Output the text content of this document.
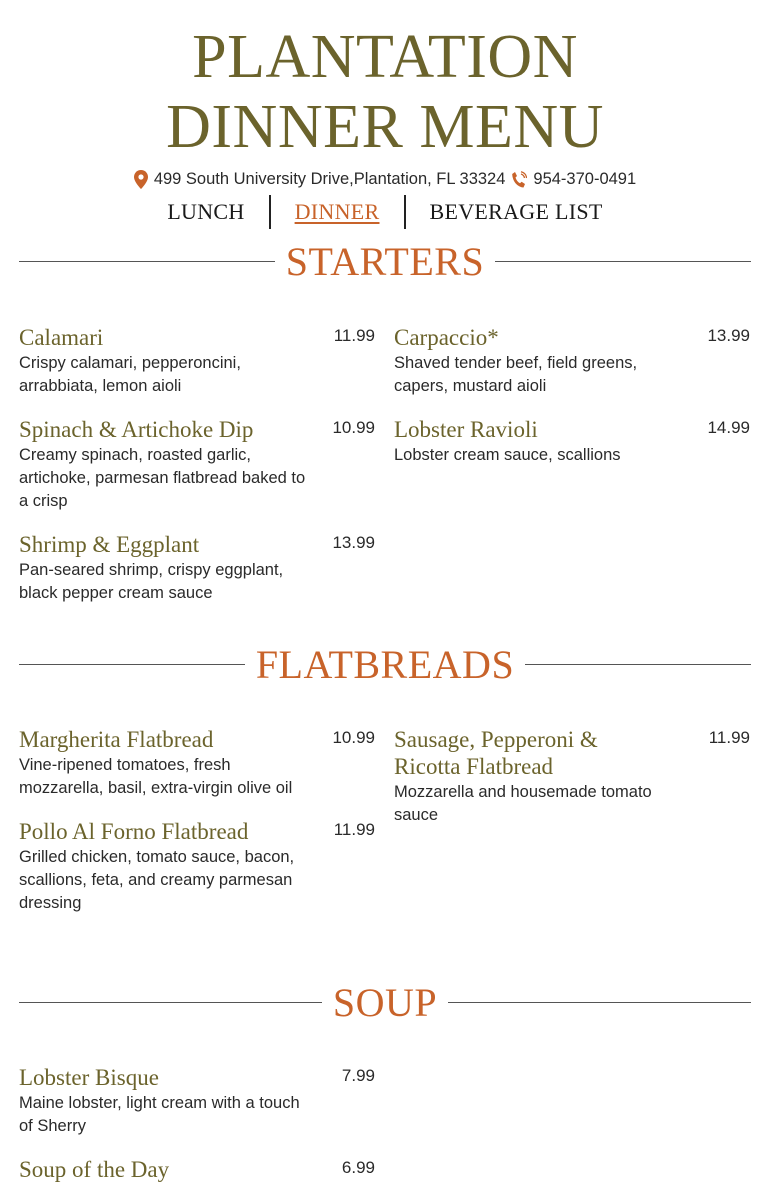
PLANTATION
DINNER MENU
499 South University Drive,Plantation, FL 33324 954-370-0491
LUNCH	DINNER	BEVERAGE LIST
STARTERS
Calamari	11.99
Crispy calamari, pepperoncini, arrabbiata, lemon aioli
Carpaccio*	13.99
Shaved tender beef, field greens, capers, mustard aioli
Spinach & Artichoke Dip	10.99
Creamy spinach, roasted garlic, artichoke, parmesan flatbread baked to a crisp
Lobster Ravioli	14.99
Lobster cream sauce, scallions
Shrimp & Eggplant	13.99
Pan-seared shrimp, crispy eggplant, black pepper cream sauce
FLATBREADS
Margherita Flatbread	10.99
Vine-ripened tomatoes, fresh mozzarella, basil, extra-virgin olive oil
Sausage, Pepperoni & Ricotta Flatbread
11.99
Mozzarella and housemade tomato sauce
Pollo Al Forno Flatbread	11.99
Grilled chicken, tomato sauce, bacon, scallions, feta, and creamy parmesan dressing
SOUP
Lobster Bisque	7.99
Maine lobster, light cream with a touch of Sherry
Soup of the Day	6.99
